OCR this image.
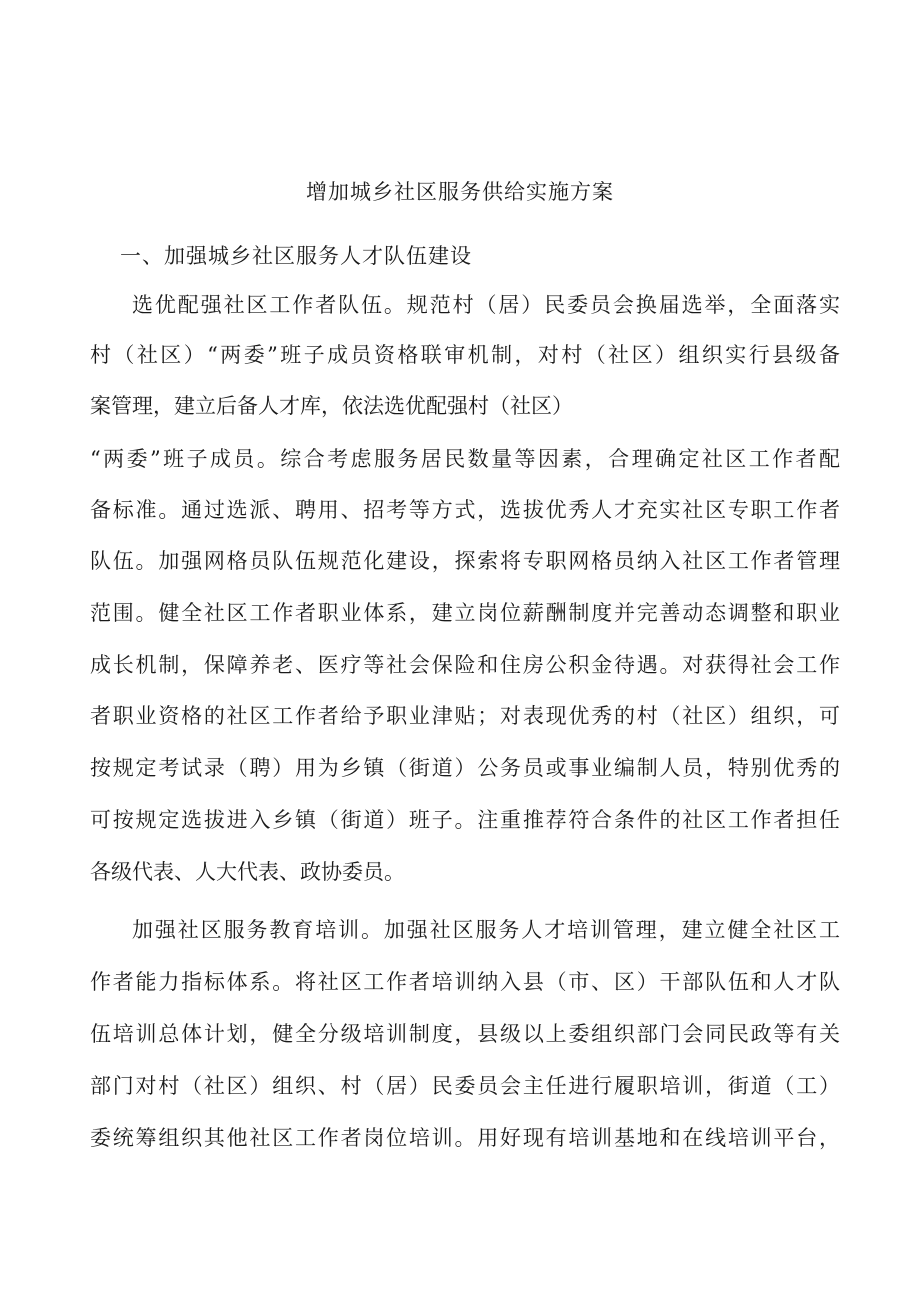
增加城乡社区服务供给实施方案
一、加强城乡社区服务人才队伍建设
选优配强社区工作者队伍。规范村（居）民委员会换届选举，全面落实
村（社区）“两委”班子成员资格联审机制，对村（社区）组织实行县级备
案管理，建立后备人才库，依法选优配强村（社区）
“两委”班子成员。综合考虑服务居民数量等因素，合理确定社区工作者配
备标准。通过选派、聘用、招考等方式，选拔优秀人才充实社区专职工作者
队伍。加强网格员队伍规范化建设，探索将专职网格员纳入社区工作者管理
范围。健全社区工作者职业体系，建立岗位薪酬制度并完善动态调整和职业
成长机制，保障养老、医疗等社会保险和住房公积金待遇。对获得社会工作
者职业资格的社区工作者给予职业津贴；对表现优秀的村（社区）组织，可
按规定考试录（聘）用为乡镇（街道）公务员或事业编制人员，特别优秀的
可按规定选拔进入乡镇（街道）班子。注重推荐符合条件的社区工作者担任
各级代表、人大代表、政协委员。
加强社区服务教育培训。加强社区服务人才培训管理，建立健全社区工
作者能力指标体系。将社区工作者培训纳入县（市、区）干部队伍和人才队
伍培训总体计划，健全分级培训制度，县级以上委组织部门会同民政等有关
部门对村（社区）组织、村（居）民委员会主任进行履职培训，街道（工）
委统筹组织其他社区工作者岗位培训。用好现有培训基地和在线培训平台，
